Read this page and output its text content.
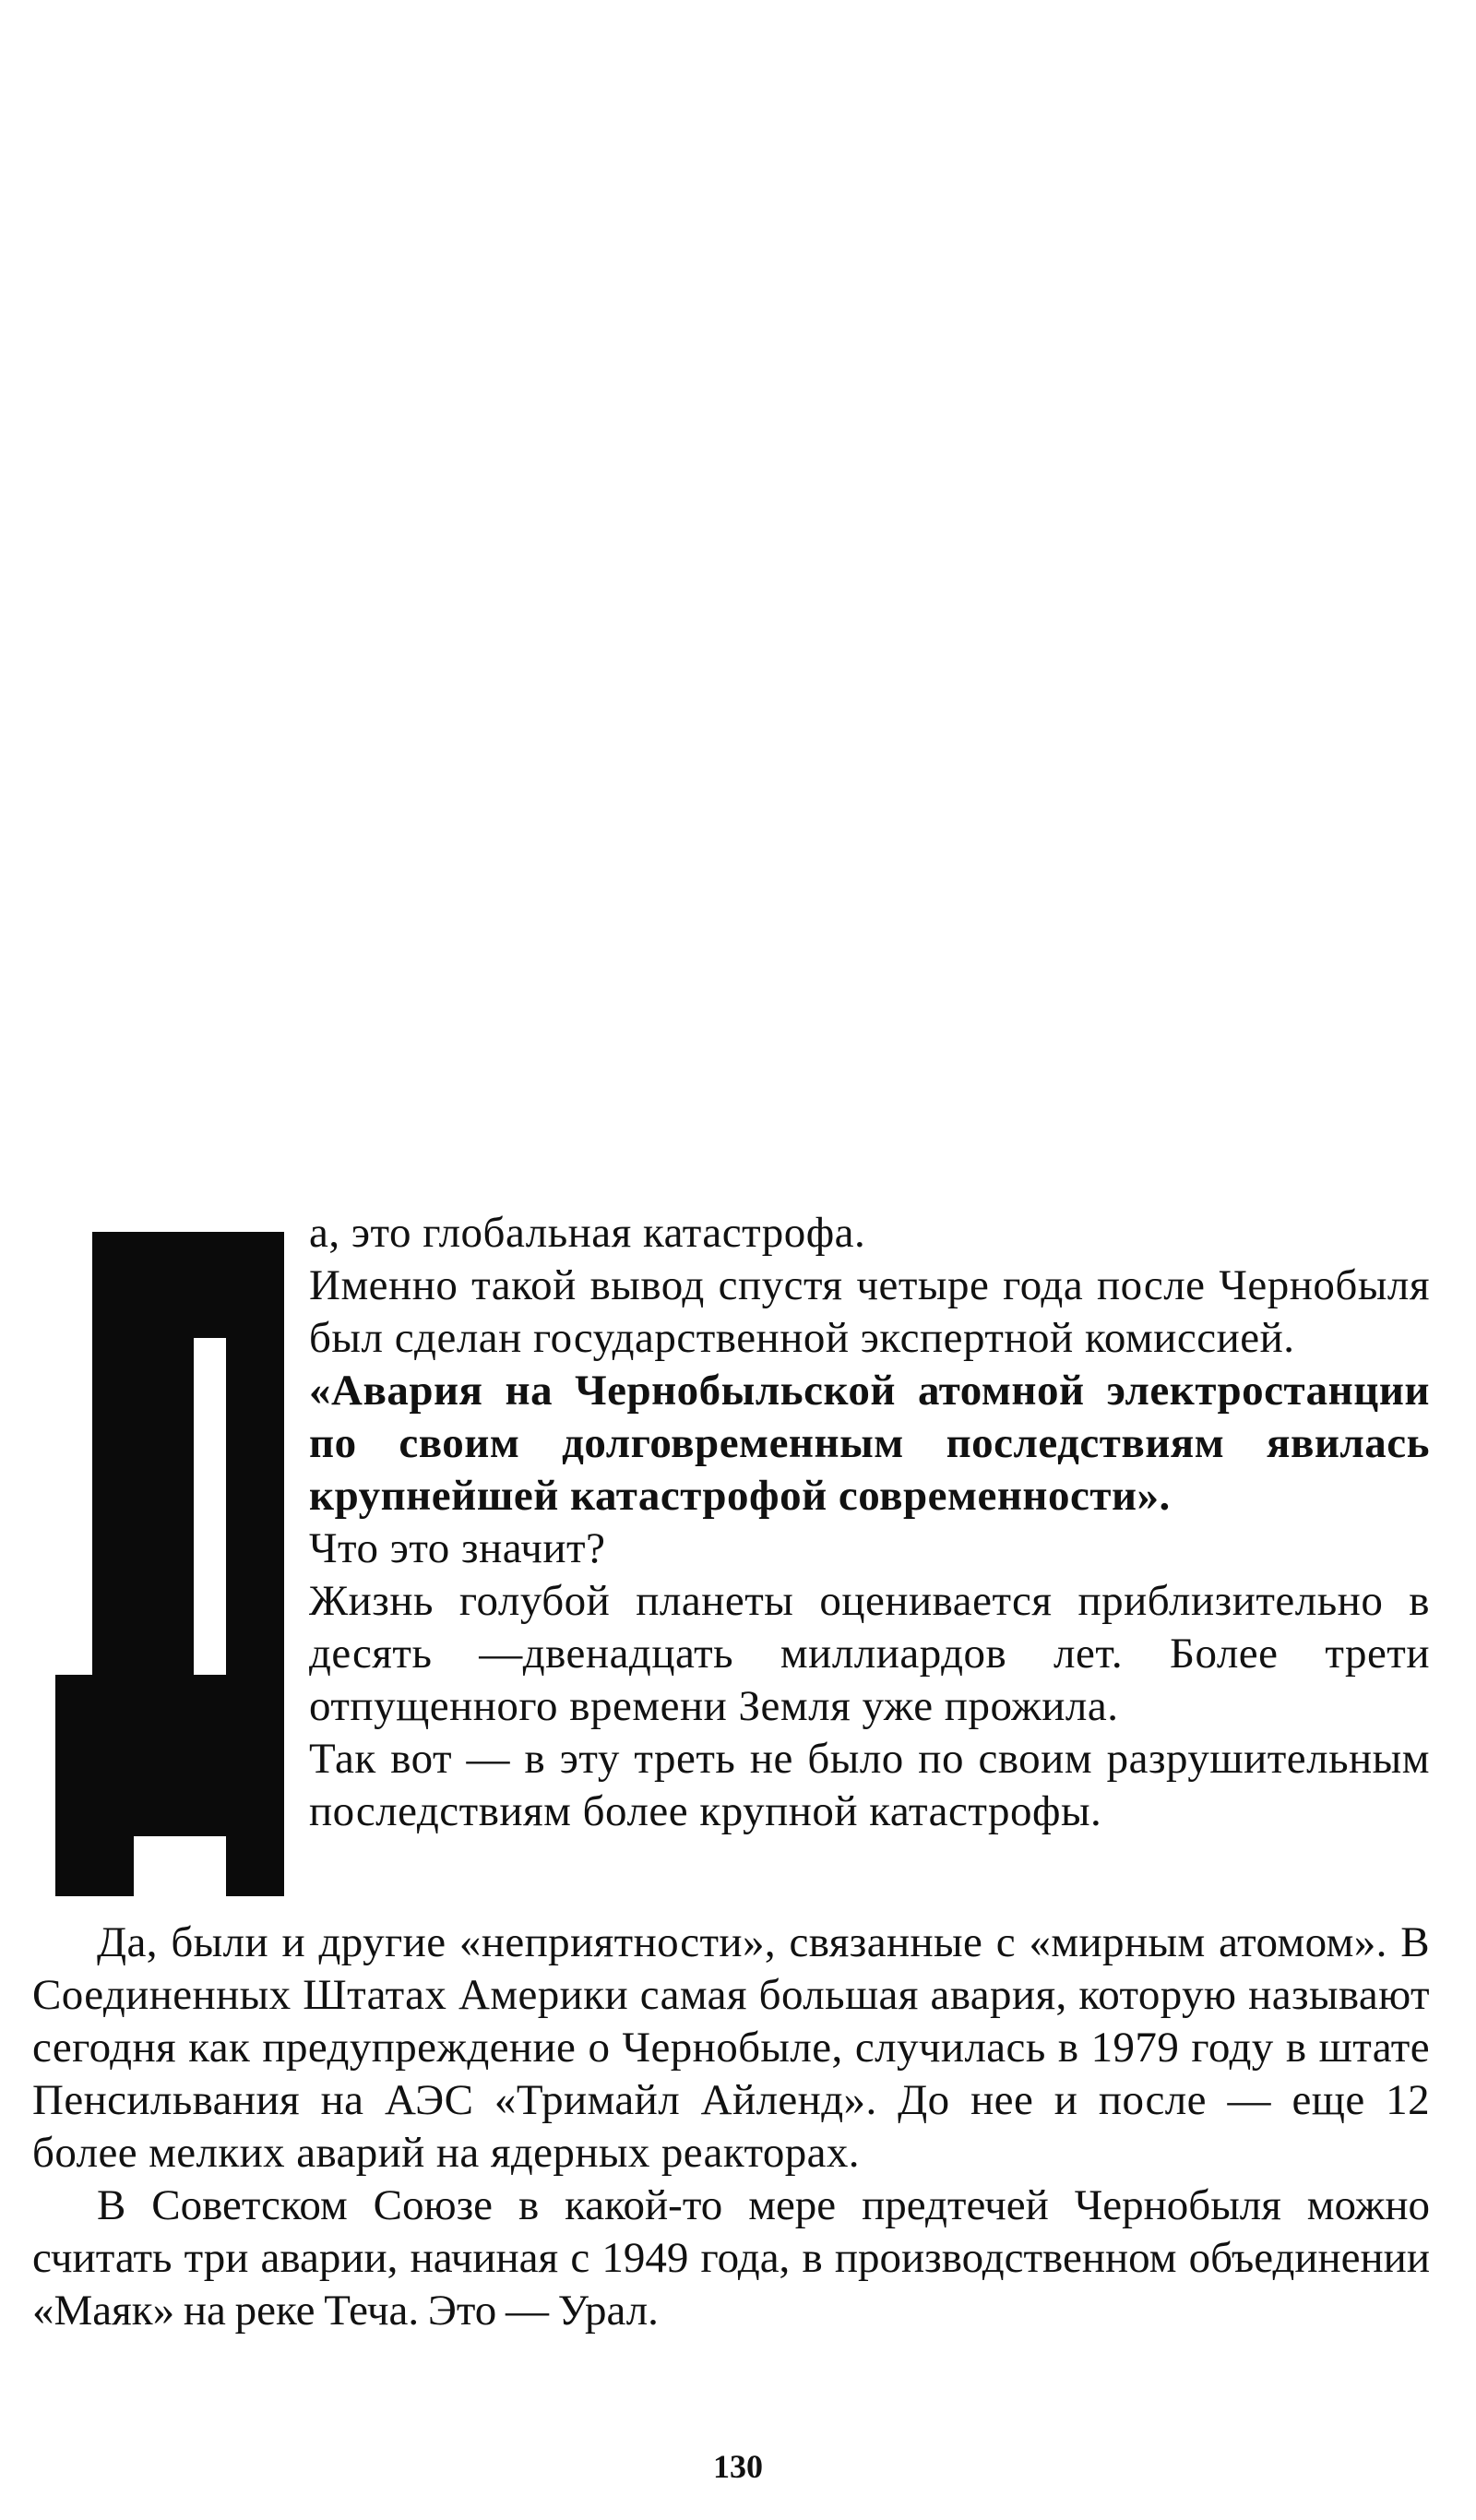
а, это глобальная катастрофа.

Именно такой вывод спустя четыре года после Чернобыля был сделан государственной экспертной комиссией.

«Авария на Чернобыльской атомной электростанции по своим долговременным последствиям явилась крупнейшей катастрофой современности».

Что это значит?

Жизнь голубой планеты оценивается приблизительно в десять —двенадцать миллиардов лет. Более трети отпущенного времени Земля уже прожила.

Так вот — в эту треть не было по своим разрушительным последствиям более крупной катастрофы.

Да, были и другие «неприятности», связанные с «мирным атомом». В Соединенных Штатах Америки самая большая авария, которую называют сегодня как предупреждение о Чернобыле, случилась в 1979 году в штате Пенсильвания на АЭС «Тримайл Айленд». До нее и после — еще 12 более мелких аварий на ядерных реакторах.

В Советском Союзе в какой-то мере предтечей Чернобыля можно считать три аварии, начиная с 1949 года, в производственном объединении «Маяк» на реке Теча. Это — Урал.

130
